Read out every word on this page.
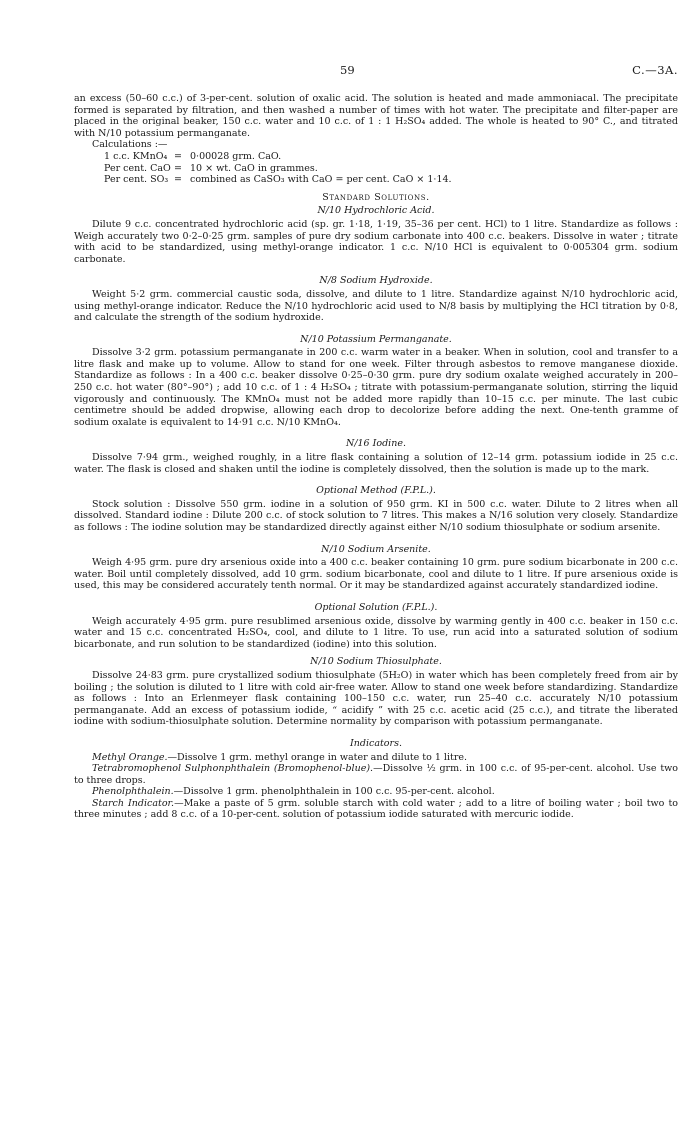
59	C.—3A.

an excess (50–60 c.c.) of 3-per-cent. solution of oxalic acid. The solution is heated and made ammoniacal. The precipitate formed is separated by filtration, and then washed a number of times with hot water. The precipitate and filter-paper are placed in the original beaker, 150 c.c. water and 10 c.c. of 1 : 1 H₂SO₄ added. The whole is heated to 90° C., and titrated with N/10 potassium permanganate.

Calculations :—
1 c.c. KMnO₄ = 0·00028 grm. CaO.
Per cent. CaO = 10 × wt. CaO in grammes.
Per cent. SO₃ = combined as CaSO₃ with CaO = per cent. CaO × 1·14.
Standard Solutions.
N/10 Hydrochloric Acid.

Dilute 9 c.c. concentrated hydrochloric acid (sp. gr. 1·18, 1·19, 35–36 per cent. HCl) to 1 litre. Standardize as follows : Weigh accurately two 0·2–0·25 grm. samples of pure dry sodium carbonate into 400 c.c. beakers. Dissolve in water ; titrate with acid to be standardized, using methyl-orange indicator. 1 c.c. N/10 HCl is equivalent to 0·005304 grm. sodium carbonate.

N/8 Sodium Hydroxide.

Weight 5·2 grm. commercial caustic soda, dissolve, and dilute to 1 litre. Standardize against N/10 hydrochloric acid, using methyl-orange indicator. Reduce the N/10 hydrochloric acid used to N/8 basis by multiplying the HCl titration by 0·8, and calculate the strength of the sodium hydroxide.

N/10 Potassium Permanganate.

Dissolve 3·2 grm. potassium permanganate in 200 c.c. warm water in a beaker. When in solution, cool and transfer to a litre flask and make up to volume. Allow to stand for one week. Filter through asbestos to remove manganese dioxide. Standardize as follows : In a 400 c.c. beaker dissolve 0·25–0·30 grm. pure dry sodium oxalate weighed accurately in 200–250 c.c. hot water (80°–90°) ; add 10 c.c. of 1 : 4 H₂SO₄ ; titrate with potassium-permanganate solution, stirring the liquid vigorously and continuously. The KMnO₄ must not be added more rapidly than 10–15 c.c. per minute. The last cubic centimetre should be added dropwise, allowing each drop to decolorize before adding the next. One-tenth gramme of sodium oxalate is equivalent to 14·91 c.c. N/10 KMnO₄.

N/16 Iodine.

Dissolve 7·94 grm., weighed roughly, in a litre flask containing a solution of 12–14 grm. potassium iodide in 25 c.c. water. The flask is closed and shaken until the iodine is completely dissolved, then the solution is made up to the mark.

Optional Method (F.P.L.).

Stock solution : Dissolve 550 grm. iodine in a solution of 950 grm. KI in 500 c.c. water. Dilute to 2 litres when all dissolved. Standard iodine : Dilute 200 c.c. of stock solution to 7 litres. This makes a N/16 solution very closely. Standardize as follows : The iodine solution may be standardized directly against either N/10 sodium thiosulphate or sodium arsenite.

N/10 Sodium Arsenite.

Weigh 4·95 grm. pure dry arsenious oxide into a 400 c.c. beaker containing 10 grm. pure sodium bicarbonate in 200 c.c. water. Boil until completely dissolved, add 10 grm. sodium bicarbonate, cool and dilute to 1 litre. If pure arsenious oxide is used, this may be considered accurately tenth normal. Or it may be standardized against accurately standardized iodine.

Optional Solution (F.P.L.).

Weigh accurately 4·95 grm. pure resublimed arsenious oxide, dissolve by warming gently in 400 c.c. beaker in 150 c.c. water and 15 c.c. concentrated H₂SO₄, cool, and dilute to 1 litre. To use, run acid into a saturated solution of sodium bicarbonate, and run solution to be standardized (iodine) into this solution.

N/10 Sodium Thiosulphate.

Dissolve 24·83 grm. pure crystallized sodium thiosulphate (5H₂O) in water which has been completely freed from air by boiling ; the solution is diluted to 1 litre with cold air-free water. Allow to stand one week before standardizing. Standardize as follows : Into an Erlenmeyer flask containing 100–150 c.c. water, run 25–40 c.c. accurately N/10 potassium permanganate. Add an excess of potassium iodide, “ acidify ” with 25 c.c. acetic acid (25 c.c.), and titrate the liberated iodine with sodium-thiosulphate solution. Determine normality by comparison with potassium permanganate.

Indicators.

Methyl Orange.—Dissolve 1 grm. methyl orange in water and dilute to 1 litre.

Tetrabromophenol Sulphonphthalein (Bromophenol-blue).—Dissolve ½ grm. in 100 c.c. of 95-per-cent. alcohol. Use two to three drops.

Phenolphthalein.—Dissolve 1 grm. phenolphthalein in 100 c.c. 95-per-cent. alcohol.

Starch Indicator.—Make a paste of 5 grm. soluble starch with cold water ; add to a litre of boiling water ; boil two to three minutes ; add 8 c.c. of a 10-per-cent. solution of potassium iodide saturated with mercuric iodide.
